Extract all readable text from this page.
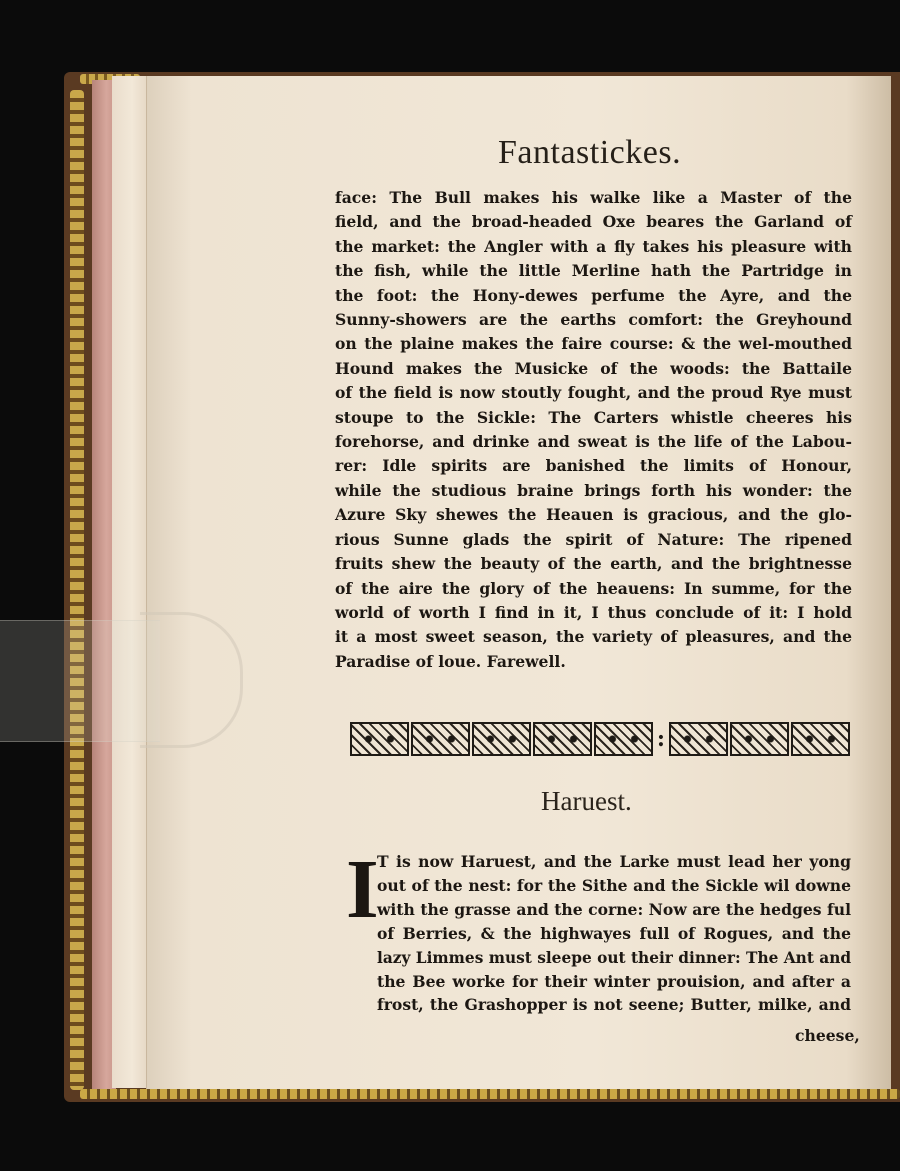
Fantastickes.
face: The Bull makes his walke like a Master of the
field, and the broad-headed Oxe beares the Garland of
the market: the Angler with a fly takes his pleasure with
the fish, while the little Merline hath the Partridge in
the foot: the Hony-dewes perfume the Ayre, and the
Sunny-showers are the earths comfort: the Greyhound
on the plaine makes the faire course: & the wel-mouthed
Hound makes the Musicke of the woods: the Battaile
of the field is now stoutly fought, and the proud Rye must
stoupe to the Sickle: The Carters whistle cheeres his
forehorse, and drinke and sweat is the life of the Labou-
rer: Idle spirits are banished the limits of Honour,
while the studious braine brings forth his wonder: the
Azure Sky shewes the Heauen is gracious, and the glo-
rious Sunne glads the spirit of Nature: The ripened
fruits shew the beauty of the earth, and the brightnesse
of the aire the glory of the heauens: In summe, for the
world of worth I find in it, I thus conclude of it: I hold
it a most sweet season, the variety of pleasures, and the
Paradise of loue. Farewell.
:
Haruest.
I
T is now Haruest, and the Larke must lead her yong
out of the nest: for the Sithe and the Sickle wil downe
with the grasse and the corne: Now are the hedges ful
of Berries, & the highwayes full of Rogues, and the
lazy Limmes must sleepe out their dinner: The Ant and
the Bee worke for their winter prouision, and after a
frost, the Grashopper is not seene; Butter, milke, and
cheese,
